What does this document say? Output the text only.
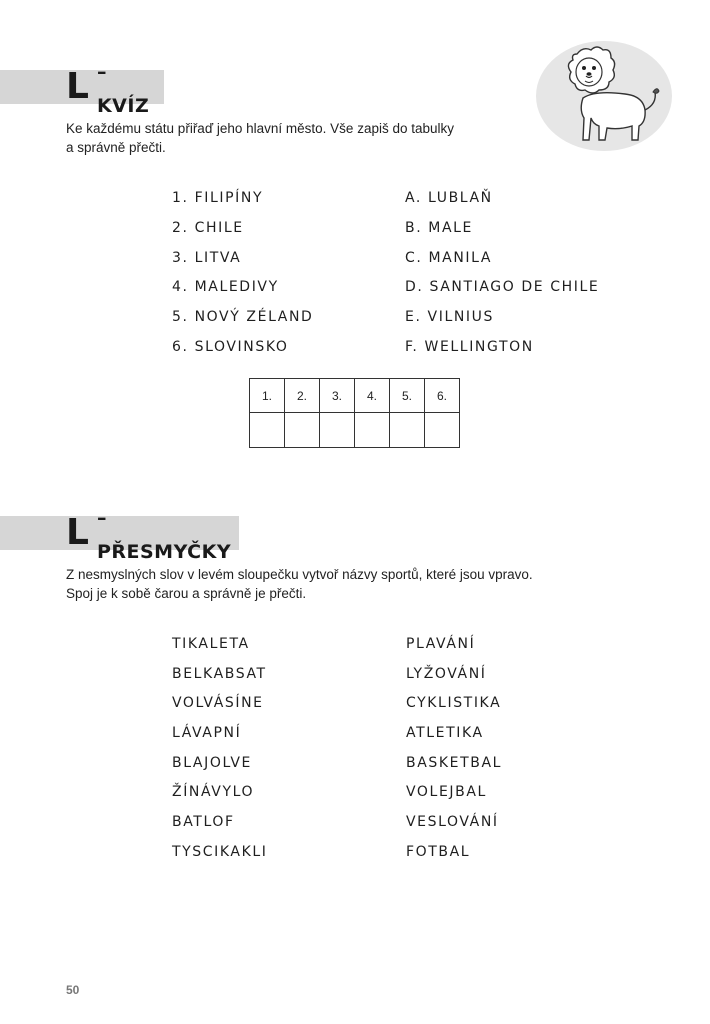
L – KVÍZ
Ke každému státu přiřaď jeho hlavní město. Vše zapiš do tabulky
a správně přečti.
1. FILIPÍNY
2. CHILE
3. LITVA
4. MALEDIVY
5. NOVÝ ZÉLAND
6. SLOVINSKO
A. LUBLAŇ
B. MALE
C. MANILA
D. SANTIAGO DE CHILE
E. VILNIUS
F. WELLINGTON
1.	2.	3.	4.	5.	6.

L – PŘESMYČKY
Z nesmyslných slov v levém sloupečku vytvoř názvy sportů, které jsou vpravo.
Spoj je k sobě čarou a správně je přečti.
TIKALETA
BELKABSAT
VOLVÁSÍNE
LÁVAPNÍ
BLAJOLVE
ŽÍNÁVYLO
BATLOF
TYSCIKAKLI
PLAVÁNÍ
LYŽOVÁNÍ
CYKLISTIKA
ATLETIKA
BASKETBAL
VOLEJBAL
VESLOVÁNÍ
FOTBAL
50
